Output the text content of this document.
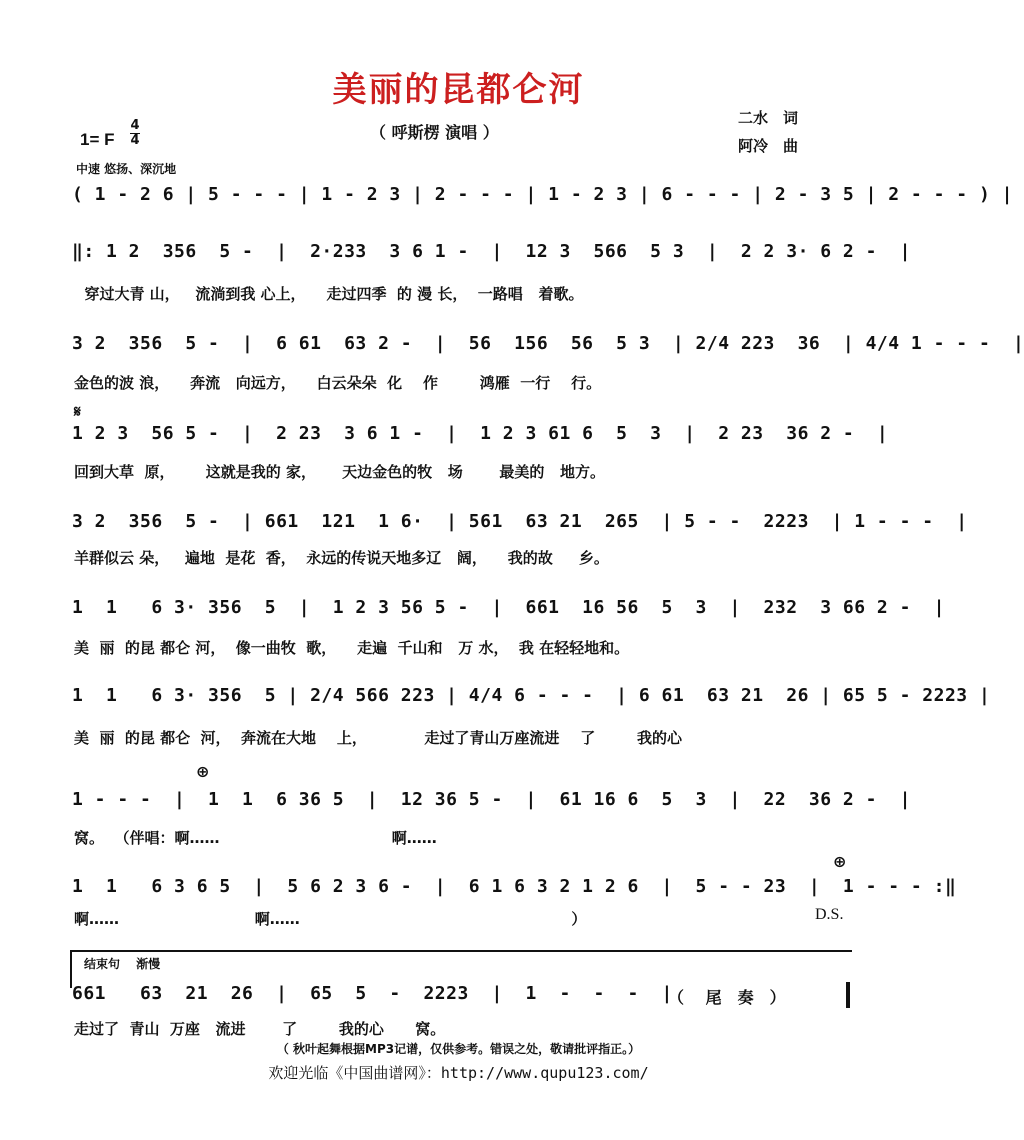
美丽的昆都仑河
（ 呼斯楞 演唱 ）
二水　词
阿冷　曲
1= F
4
4
中速 悠扬、深沉地
( 1 - 2 6 | 5 - - - | 1 - 2 3 | 2 - - - | 1 - 2 3 | 6 - - - | 2 - 3 5 | 2 - - - ) |
‖: 1 2  356  5 -  |  2·233  3 6 1 -  |  12 3  566  5 3  |  2 2 3· 6 2 -  |
穿过大青 山，   流淌到我 心上，    走过四季  的 漫 长，  一路唱   着歌。
3 2  356  5 -  |  6 61  63 2 -  |  56  156  56  5 3  | 2/4 223  36  | 4/4 1 - - -  |
金色的波 浪，    奔流   向远方，    白云朵朵  化    作        鸿雁  一行    行。
𝄋
1 2 3  56 5 -  |  2 23  3 6 1 -  |  1 2 3 61 6  5  3  |  2 23  36 2 -  |
回到大草  原，      这就是我的 家，     天边金色的牧   场       最美的   地方。
3 2  356  5 -  | 661  121  1 6·  | 561  63 21  265  | 5 - -  2223  | 1 - - -  |
羊群似云 朵，   遍地  是花  香，  永远的传说天地多辽   阔，    我的故     乡。
1  1   6 3· 356  5  |  1 2 3 56 5 -  |  661  16 56  5  3  |  232  3 66 2 -  |
美  丽  的昆 都仑 河，  像一曲牧  歌，    走遍  千山和   万 水，  我 在轻轻地和。
1  1   6 3· 356  5 | 2/4 566 223 | 4/4 6 - - -  | 6 61  63 21  26 | 65 5 - 2223 |
美  丽  的昆 都仑  河，  奔流在大地    上，           走过了青山万座流进    了        我的心
⊕
1 - - -  |  1  1  6 36 5  |  12 36 5 -  |  61 16 6  5  3  |  22  36 2 -  |
窝。  （伴唱：啊……                                 啊……
⊕
1  1   6 3 6 5  |  5 6 2 3 6 -  |  6 1 6 3 2 1 2 6  |  5 - - 23  |  1 - - - :‖
啊……                          啊……                                                    ）	D.S.
结束句　 渐慢
661   63  21  26  |  65  5  -  2223  |  1  -  -  -  |
走过了  青山  万座   流进       了        我的心      窝。
（　 尾　奏　）
（ 秋叶起舞根据MP3记谱，仅供参考。错误之处，敬请批评指正。）
欢迎光临《中国曲谱网》：http://www.qupu123.com/
